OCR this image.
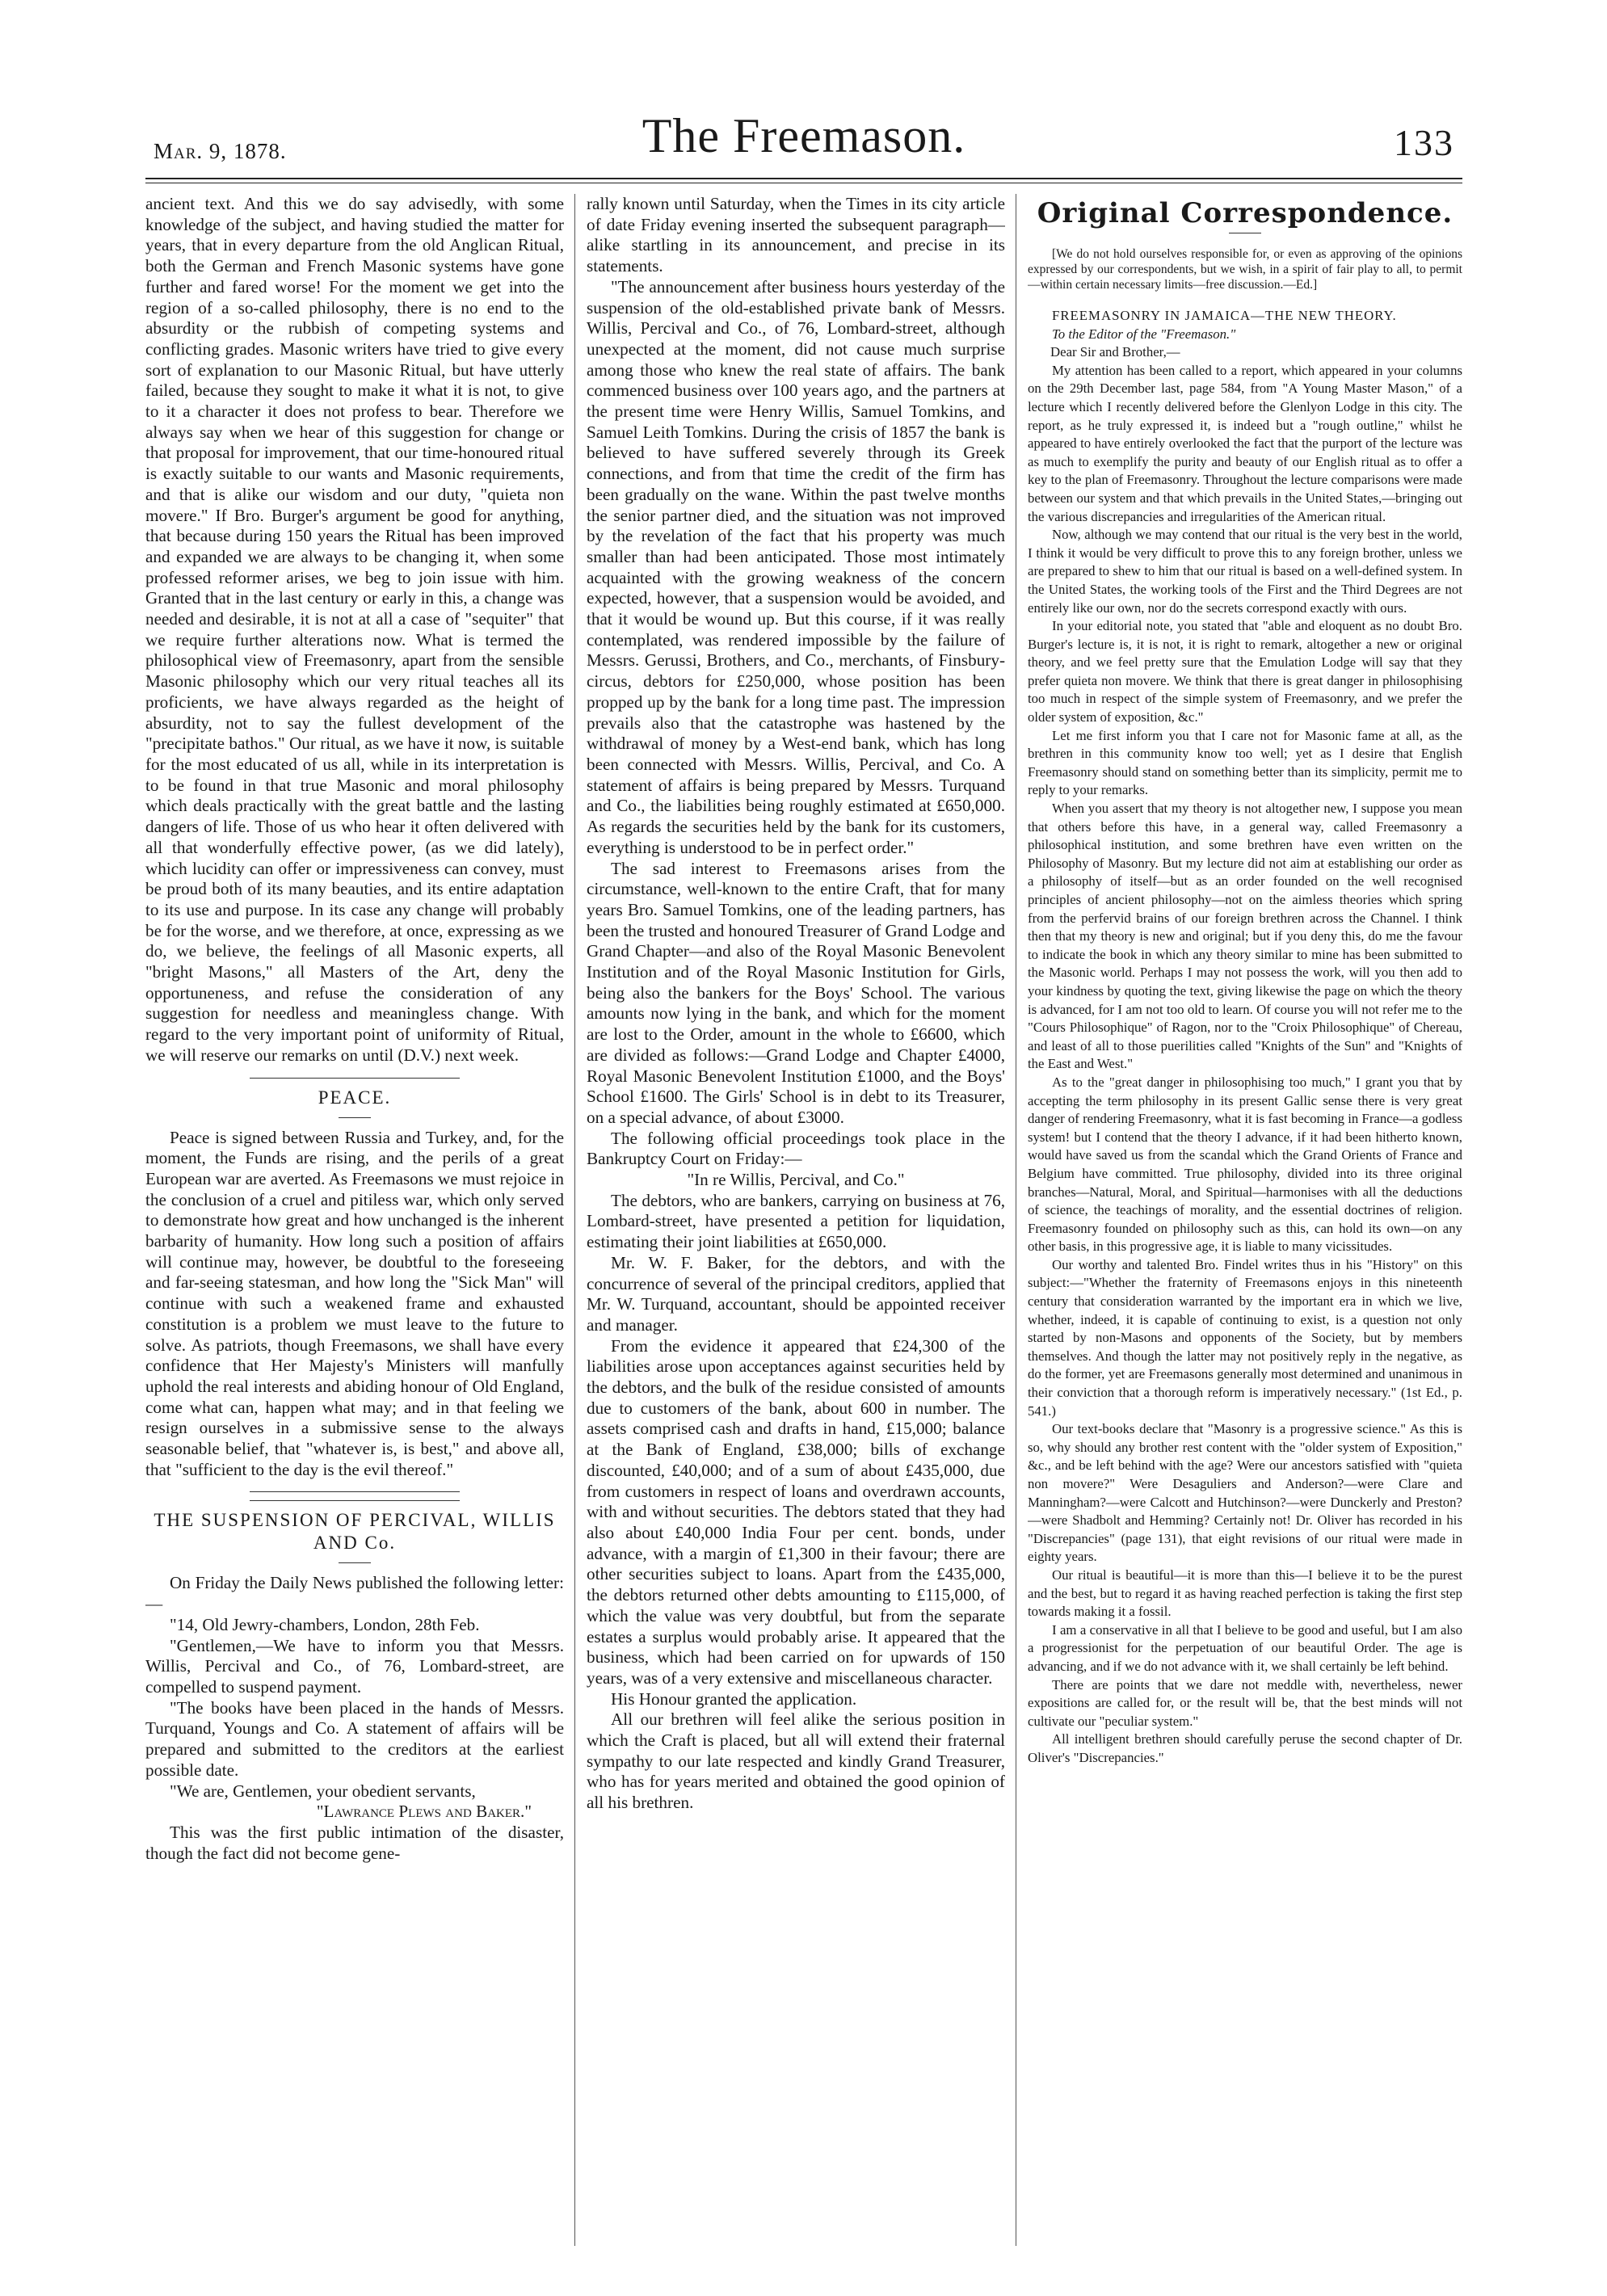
Mar. 9, 1878.	The Freemason.	133

ancient text. And this we do say advisedly, with some knowledge of the subject, and having studied the matter for years, that in every departure from the old Anglican Ritual, both the German and French Masonic systems have gone further and fared worse! For the moment we get into the region of a so-called philosophy, there is no end to the absurdity or the rubbish of competing systems and conflicting grades. Masonic writers have tried to give every sort of explanation to our Masonic Ritual, but have utterly failed, because they sought to make it what it is not, to give to it a character it does not profess to bear. Therefore we always say when we hear of this suggestion for change or that proposal for improvement, that our time-honoured ritual is exactly suitable to our wants and Masonic requirements, and that is alike our wisdom and our duty, "quieta non movere." If Bro. Burger's argument be good for anything, that because during 150 years the Ritual has been improved and expanded we are always to be changing it, when some professed reformer arises, we beg to join issue with him. Granted that in the last century or early in this, a change was needed and desirable, it is not at all a case of "sequiter" that we require further alterations now. What is termed the philosophical view of Freemasonry, apart from the sensible Masonic philosophy which our very ritual teaches all its proficients, we have always regarded as the height of absurdity, not to say the fullest development of the "precipitate bathos." Our ritual, as we have it now, is suitable for the most educated of us all, while in its interpretation is to be found in that true Masonic and moral philosophy which deals practically with the great battle and the lasting dangers of life. Those of us who hear it often delivered with all that wonderfully effective power, (as we did lately), which lucidity can offer or impressiveness can convey, must be proud both of its many beauties, and its entire adaptation to its use and purpose. In its case any change will probably be for the worse, and we therefore, at once, expressing as we do, we believe, the feelings of all Masonic experts, all "bright Masons," all Masters of the Art, deny the opportuneness, and refuse the consideration of any suggestion for needless and meaningless change. With regard to the very important point of uniformity of Ritual, we will reserve our remarks on until (D.V.) next week.

PEACE.

Peace is signed between Russia and Turkey, and, for the moment, the Funds are rising, and the perils of a great European war are averted. As Freemasons we must rejoice in the conclusion of a cruel and pitiless war, which only served to demonstrate how great and how unchanged is the inherent barbarity of humanity. How long such a position of affairs will continue may, however, be doubtful to the foreseeing and far-seeing statesman, and how long the "Sick Man" will continue with such a weakened frame and exhausted constitution is a problem we must leave to the future to solve. As patriots, though Freemasons, we shall have every confidence that Her Majesty's Ministers will manfully uphold the real interests and abiding honour of Old England, come what can, happen what may; and in that feeling we resign ourselves in a submissive sense to the always seasonable belief, that "whatever is, is best," and above all, that "sufficient to the day is the evil thereof."

THE SUSPENSION OF PERCIVAL, WILLIS AND Co.

On Friday the Daily News published the following letter:—

"14, Old Jewry-chambers, London, 28th Feb.

"Gentlemen,—We have to inform you that Messrs. Willis, Percival and Co., of 76, Lombard-street, are compelled to suspend payment.

"The books have been placed in the hands of Messrs. Turquand, Youngs and Co. A statement of affairs will be prepared and submitted to the creditors at the earliest possible date.

"We are, Gentlemen, your obedient servants,

"Lawrance Plews and Baker."

This was the first public intimation of the disaster, though the fact did not become gene-

rally known until Saturday, when the Times in its city article of date Friday evening inserted the subsequent paragraph—alike startling in its announcement, and precise in its statements.

"The announcement after business hours yesterday of the suspension of the old-established private bank of Messrs. Willis, Percival and Co., of 76, Lombard-street, although unexpected at the moment, did not cause much surprise among those who knew the real state of affairs. The bank commenced business over 100 years ago, and the partners at the present time were Henry Willis, Samuel Tomkins, and Samuel Leith Tomkins. During the crisis of 1857 the bank is believed to have suffered severely through its Greek connections, and from that time the credit of the firm has been gradually on the wane. Within the past twelve months the senior partner died, and the situation was not improved by the revelation of the fact that his property was much smaller than had been anticipated. Those most intimately acquainted with the growing weakness of the concern expected, however, that a suspension would be avoided, and that it would be wound up. But this course, if it was really contemplated, was rendered impossible by the failure of Messrs. Gerussi, Brothers, and Co., merchants, of Finsbury-circus, debtors for £250,000, whose position has been propped up by the bank for a long time past. The impression prevails also that the catastrophe was hastened by the withdrawal of money by a West-end bank, which has long been connected with Messrs. Willis, Percival, and Co. A statement of affairs is being prepared by Messrs. Turquand and Co., the liabilities being roughly estimated at £650,000. As regards the securities held by the bank for its customers, everything is understood to be in perfect order."

The sad interest to Freemasons arises from the circumstance, well-known to the entire Craft, that for many years Bro. Samuel Tomkins, one of the leading partners, has been the trusted and honoured Treasurer of Grand Lodge and Grand Chapter—and also of the Royal Masonic Benevolent Institution and of the Royal Masonic Institution for Girls, being also the bankers for the Boys' School. The various amounts now lying in the bank, and which for the moment are lost to the Order, amount in the whole to £6600, which are divided as follows:—Grand Lodge and Chapter £4000, Royal Masonic Benevolent Institution £1000, and the Boys' School £1600. The Girls' School is in debt to its Treasurer, on a special advance, of about £3000.

The following official proceedings took place in the Bankruptcy Court on Friday:—

"In re Willis, Percival, and Co."

The debtors, who are bankers, carrying on business at 76, Lombard-street, have presented a petition for liquidation, estimating their joint liabilities at £650,000.

Mr. W. F. Baker, for the debtors, and with the concurrence of several of the principal creditors, applied that Mr. W. Turquand, accountant, should be appointed receiver and manager.

From the evidence it appeared that £24,300 of the liabilities arose upon acceptances against securities held by the debtors, and the bulk of the residue consisted of amounts due to customers of the bank, about 600 in number. The assets comprised cash and drafts in hand, £15,000; balance at the Bank of England, £38,000; bills of exchange discounted, £40,000; and of a sum of about £435,000, due from customers in respect of loans and overdrawn accounts, with and without securities. The debtors stated that they had also about £40,000 India Four per cent. bonds, under advance, with a margin of £1,300 in their favour; there are other securities subject to loans. Apart from the £435,000, the debtors returned other debts amounting to £115,000, of which the value was very doubtful, but from the separate estates a surplus would probably arise. It appeared that the business, which had been carried on for upwards of 150 years, was of a very extensive and miscellaneous character.

His Honour granted the application.

All our brethren will feel alike the serious position in which the Craft is placed, but all will extend their fraternal sympathy to our late respected and kindly Grand Treasurer, who has for years merited and obtained the good opinion of all his brethren.

Original Correspondence.

[We do not hold ourselves responsible for, or even as approving of the opinions expressed by our correspondents, but we wish, in a spirit of fair play to all, to permit—within certain necessary limits—free discussion.—Ed.]

FREEMASONRY IN JAMAICA—THE NEW THEORY.

To the Editor of the "Freemason."

Dear Sir and Brother,—

My attention has been called to a report, which appeared in your columns on the 29th December last, page 584, from "A Young Master Mason," of a lecture which I recently delivered before the Glenlyon Lodge in this city. The report, as he truly expressed it, is indeed but a "rough outline," whilst he appeared to have entirely overlooked the fact that the purport of the lecture was as much to exemplify the purity and beauty of our English ritual as to offer a key to the plan of Freemasonry. Throughout the lecture comparisons were made between our system and that which prevails in the United States,—bringing out the various discrepancies and irregularities of the American ritual.

Now, although we may contend that our ritual is the very best in the world, I think it would be very difficult to prove this to any foreign brother, unless we are prepared to shew to him that our ritual is based on a well-defined system. In the United States, the working tools of the First and the Third Degrees are not entirely like our own, nor do the secrets correspond exactly with ours.

In your editorial note, you stated that "able and eloquent as no doubt Bro. Burger's lecture is, it is not, it is right to remark, altogether a new or original theory, and we feel pretty sure that the Emulation Lodge will say that they prefer quieta non movere. We think that there is great danger in philosophising too much in respect of the simple system of Freemasonry, and we prefer the older system of exposition, &c."

Let me first inform you that I care not for Masonic fame at all, as the brethren in this community know too well; yet as I desire that English Freemasonry should stand on something better than its simplicity, permit me to reply to your remarks.

When you assert that my theory is not altogether new, I suppose you mean that others before this have, in a general way, called Freemasonry a philosophical institution, and some brethren have even written on the Philosophy of Masonry. But my lecture did not aim at establishing our order as a philosophy of itself—but as an order founded on the well recognised principles of ancient philosophy—not on the aimless theories which spring from the perfervid brains of our foreign brethren across the Channel. I think then that my theory is new and original; but if you deny this, do me the favour to indicate the book in which any theory similar to mine has been submitted to the Masonic world. Perhaps I may not possess the work, will you then add to your kindness by quoting the text, giving likewise the page on which the theory is advanced, for I am not too old to learn. Of course you will not refer me to the "Cours Philosophique" of Ragon, nor to the "Croix Philosophique" of Chereau, and least of all to those puerilities called "Knights of the Sun" and "Knights of the East and West."

As to the "great danger in philosophising too much," I grant you that by accepting the term philosophy in its present Gallic sense there is very great danger of rendering Freemasonry, what it is fast becoming in France—a godless system! but I contend that the theory I advance, if it had been hitherto known, would have saved us from the scandal which the Grand Orients of France and Belgium have committed. True philosophy, divided into its three original branches—Natural, Moral, and Spiritual—harmonises with all the deductions of science, the teachings of morality, and the essential doctrines of religion. Freemasonry founded on philosophy such as this, can hold its own—on any other basis, in this progressive age, it is liable to many vicissitudes.

Our worthy and talented Bro. Findel writes thus in his "History" on this subject:—"Whether the fraternity of Freemasons enjoys in this nineteenth century that consideration warranted by the important era in which we live, whether, indeed, it is capable of continuing to exist, is a question not only started by non-Masons and opponents of the Society, but by members themselves. And though the latter may not positively reply in the negative, as do the former, yet are Freemasons generally most determined and unanimous in their conviction that a thorough reform is imperatively necessary." (1st Ed., p. 541.)

Our text-books declare that "Masonry is a progressive science." As this is so, why should any brother rest content with the "older system of Exposition," &c., and be left behind with the age? Were our ancestors satisfied with "quieta non movere?" Were Desaguliers and Anderson?—were Clare and Manningham?—were Calcott and Hutchinson?—were Dunckerly and Preston?—were Shadbolt and Hemming? Certainly not! Dr. Oliver has recorded in his "Discrepancies" (page 131), that eight revisions of our ritual were made in eighty years.

Our ritual is beautiful—it is more than this—I believe it to be the purest and the best, but to regard it as having reached perfection is taking the first step towards making it a fossil.

I am a conservative in all that I believe to be good and useful, but I am also a progressionist for the perpetuation of our beautiful Order. The age is advancing, and if we do not advance with it, we shall certainly be left behind.

There are points that we dare not meddle with, nevertheless, newer expositions are called for, or the result will be, that the best minds will not cultivate our "peculiar system."

All intelligent brethren should carefully peruse the second chapter of Dr. Oliver's "Discrepancies."
